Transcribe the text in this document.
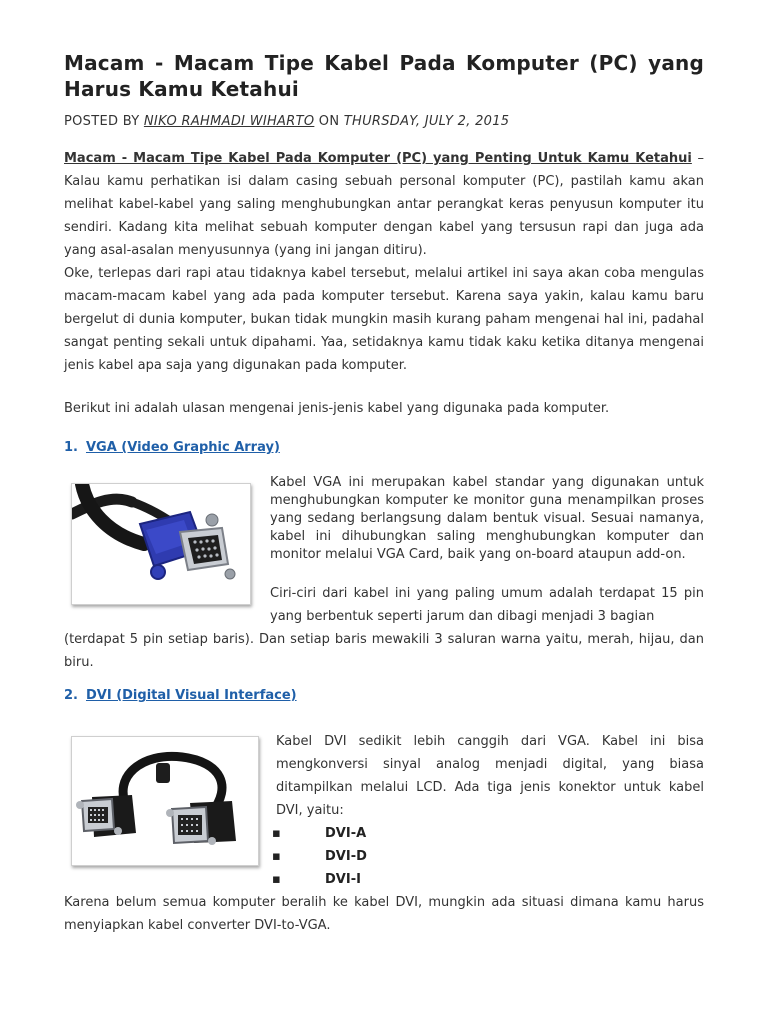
Macam - Macam Tipe Kabel Pada Komputer (PC) yang Harus Kamu Ketahui
POSTED BY NIKO RAHMADI WIHARTO ON THURSDAY, JULY 2, 2015

Macam - Macam Tipe Kabel Pada Komputer (PC) yang Penting Untuk Kamu Ketahui – Kalau kamu perhatikan isi dalam casing sebuah personal komputer (PC), pastilah kamu akan melihat kabel-kabel yang saling menghubungkan antar perangkat keras penyusun komputer itu sendiri. Kadang kita melihat sebuah komputer dengan kabel yang tersusun rapi dan juga ada yang asal-asalan menyusunnya (yang ini jangan ditiru).

Oke, terlepas dari rapi atau tidaknya kabel tersebut, melalui artikel ini saya akan coba mengulas macam-macam kabel yang ada pada komputer tersebut. Karena saya yakin, kalau kamu baru bergelut di dunia komputer, bukan tidak mungkin masih kurang paham mengenai hal ini, padahal sangat penting sekali untuk dipahami. Yaa, setidaknya kamu tidak kaku ketika ditanya mengenai jenis kabel apa saja yang digunakan pada komputer.

Berikut ini adalah ulasan mengenai jenis-jenis kabel yang digunaka pada komputer.

1. VGA (Video Graphic Array)

Kabel VGA ini merupakan kabel standar yang digunakan untuk menghubungkan komputer ke monitor guna menampilkan proses yang sedang berlangsung dalam bentuk visual. Sesuai namanya, kabel ini dihubungkan saling menghubungkan komputer dan monitor melalui VGA Card, baik yang on-board ataupun add-on.

Ciri-ciri dari kabel ini yang paling umum adalah terdapat 15 pin yang berbentuk seperti jarum dan dibagi menjadi 3 bagian

(terdapat 5 pin setiap baris). Dan setiap baris mewakili 3 saluran warna yaitu, merah, hijau, dan biru.

2. DVI (Digital Visual Interface)

Kabel DVI sedikit lebih canggih dari VGA. Kabel ini bisa mengkonversi sinyal analog menjadi digital, yang biasa ditampilkan melalui LCD. Ada tiga jenis konektor untuk kabel DVI, yaitu:

▪	DVI-A
▪	DVI-D
▪	DVI-I

Karena belum semua komputer beralih ke kabel DVI, mungkin ada situasi dimana kamu harus menyiapkan kabel converter DVI-to-VGA.
